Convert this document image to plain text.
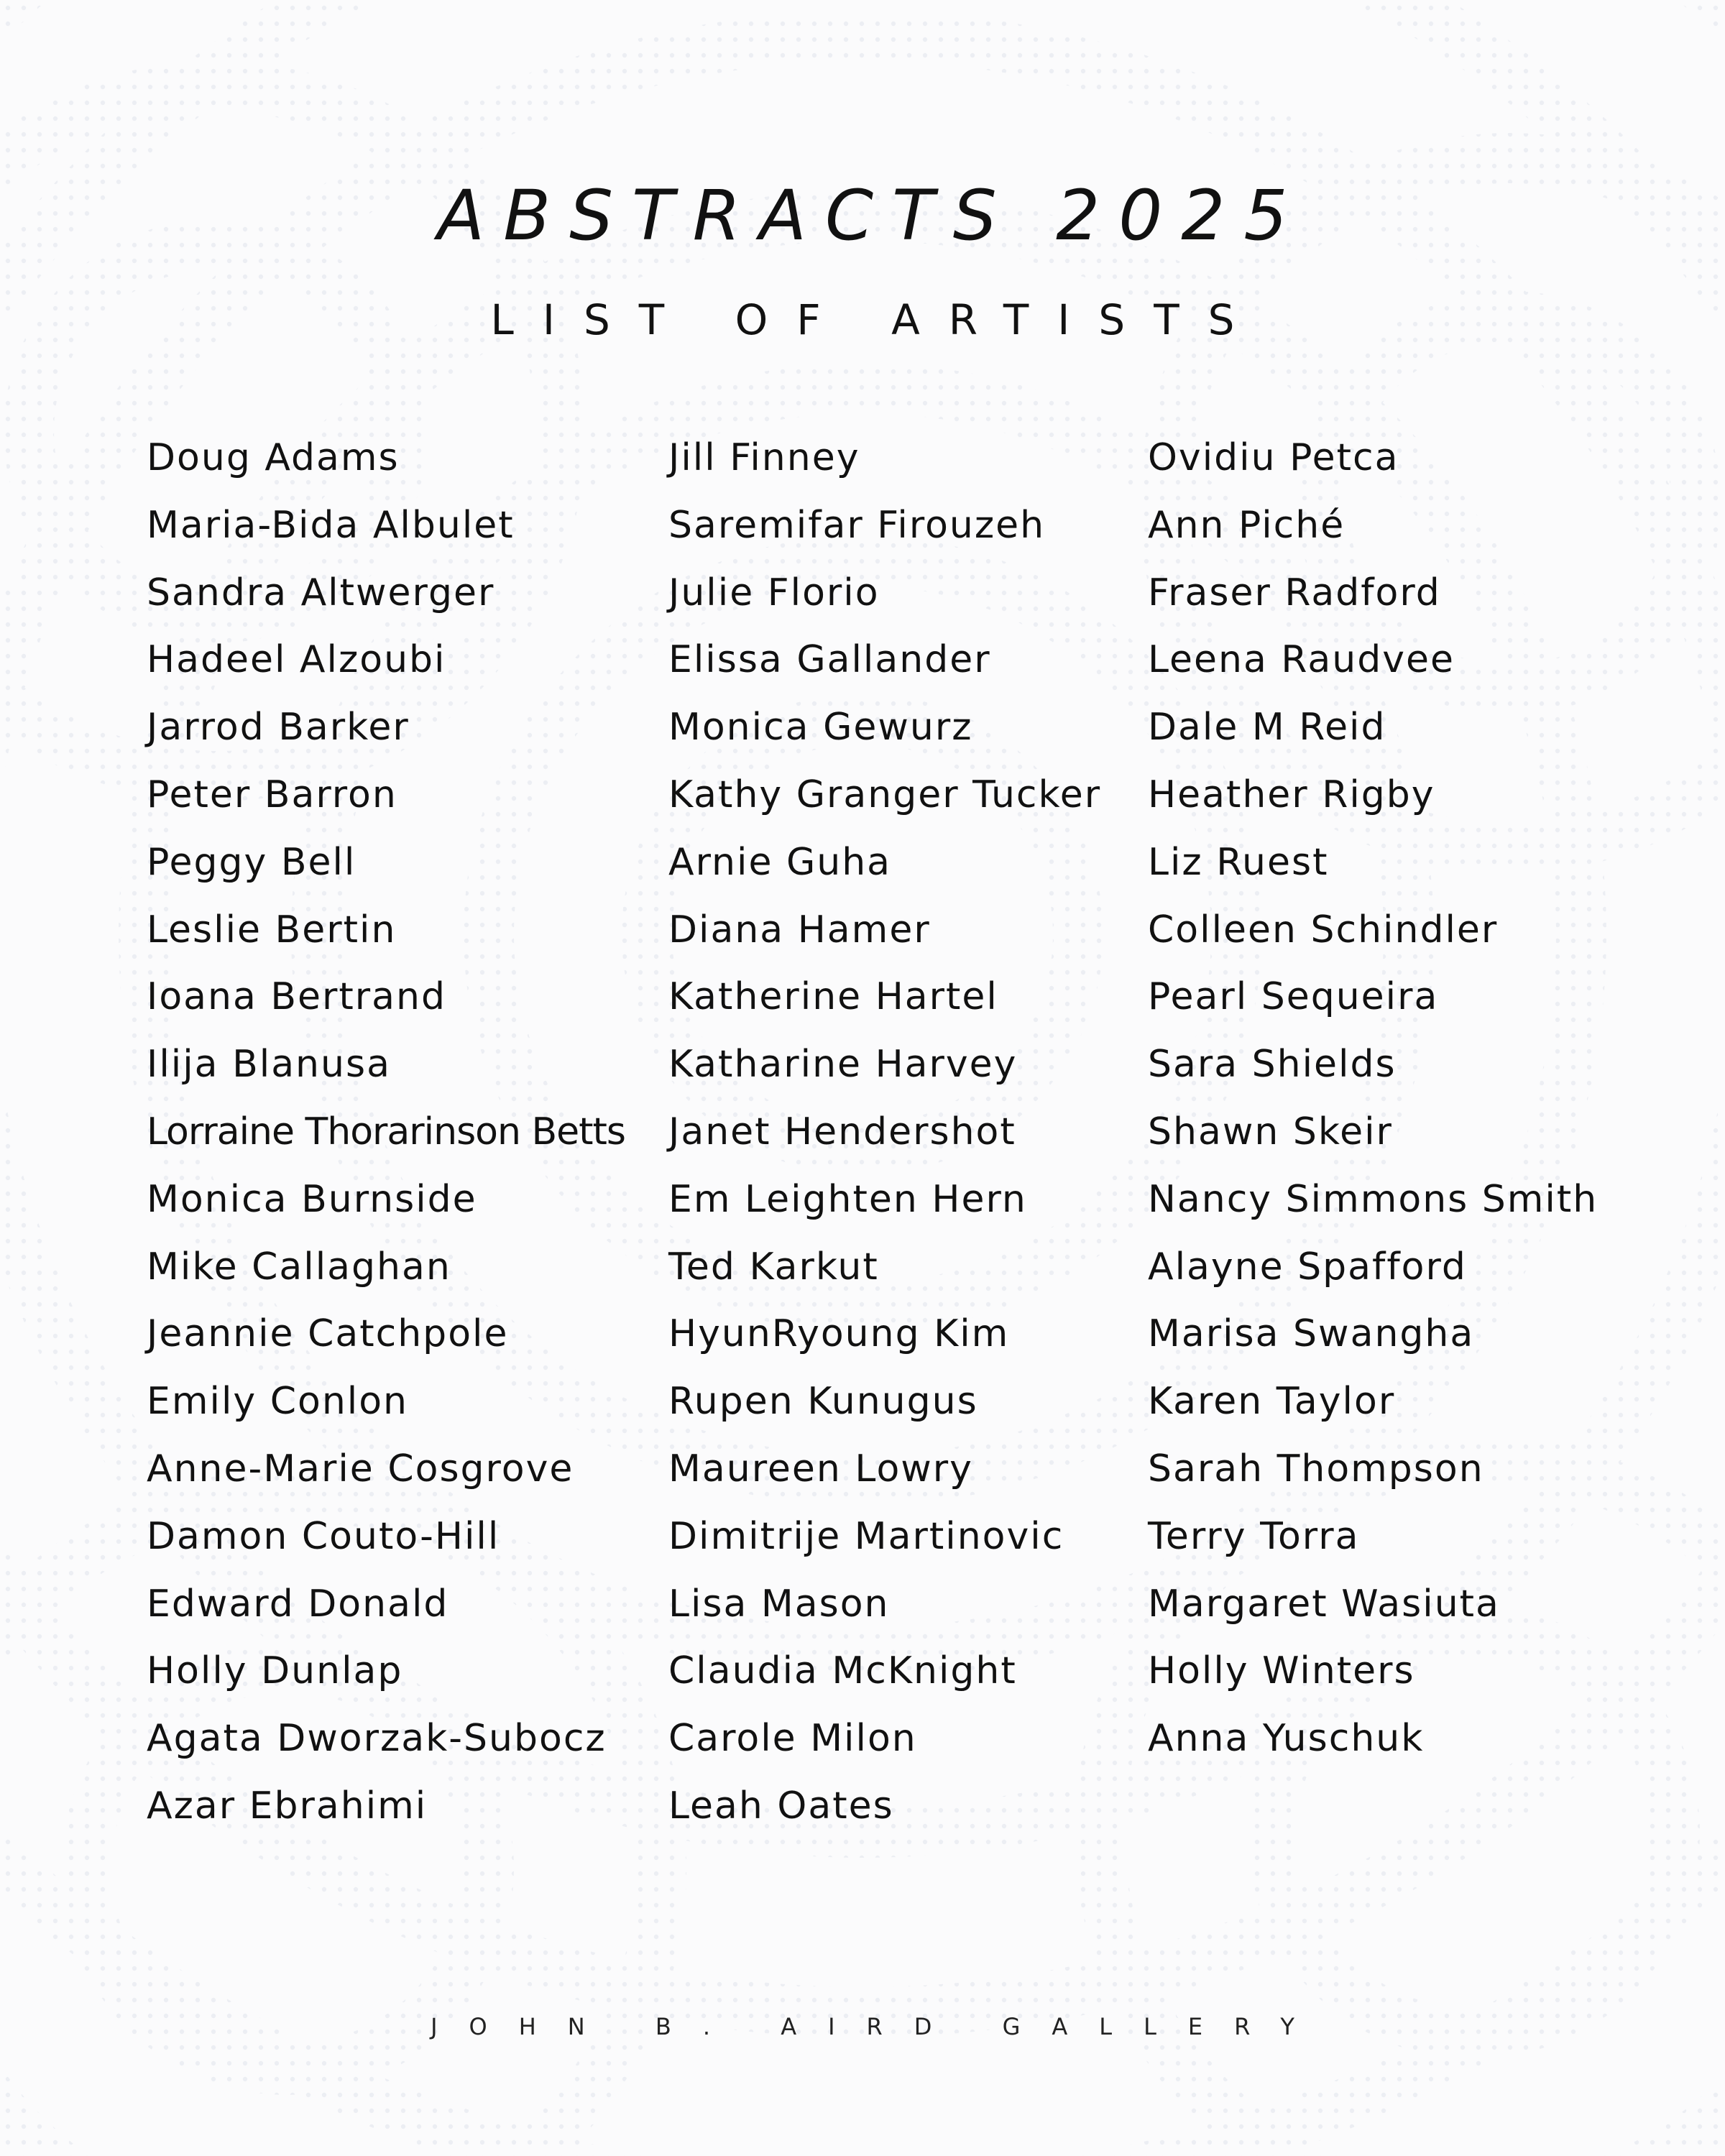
ABSTRACTS 2025
LIST OF ARTISTS
Doug Adams
Maria-Bida Albulet
Sandra Altwerger
Hadeel Alzoubi
Jarrod Barker
Peter Barron
Peggy Bell
Leslie Bertin
Ioana Bertrand
Ilija Blanusa
Lorraine Thorarinson Betts
Monica Burnside
Mike Callaghan
Jeannie Catchpole
Emily Conlon
Anne-Marie Cosgrove
Damon Couto-Hill
Edward Donald
Holly Dunlap
Agata Dworzak-Subocz
Azar Ebrahimi
Jill Finney
Saremifar Firouzeh
Julie Florio
Elissa Gallander
Monica Gewurz
Kathy Granger Tucker
Arnie Guha
Diana Hamer
Katherine Hartel
Katharine Harvey
Janet Hendershot
Em Leighten Hern
Ted Karkut
HyunRyoung Kim
Rupen Kunugus
Maureen Lowry
Dimitrije Martinovic
Lisa Mason
Claudia McKnight
Carole Milon
Leah Oates
Ovidiu Petca
Ann Piché
Fraser Radford
Leena Raudvee
Dale M Reid
Heather Rigby
Liz Ruest
Colleen Schindler
Pearl Sequeira
Sara Shields
Shawn Skeir
Nancy Simmons Smith
Alayne Spafford
Marisa Swangha
Karen Taylor
Sarah Thompson
Terry Torra
Margaret Wasiuta
Holly Winters
Anna Yuschuk

JOHN B. AIRD GALLERY
